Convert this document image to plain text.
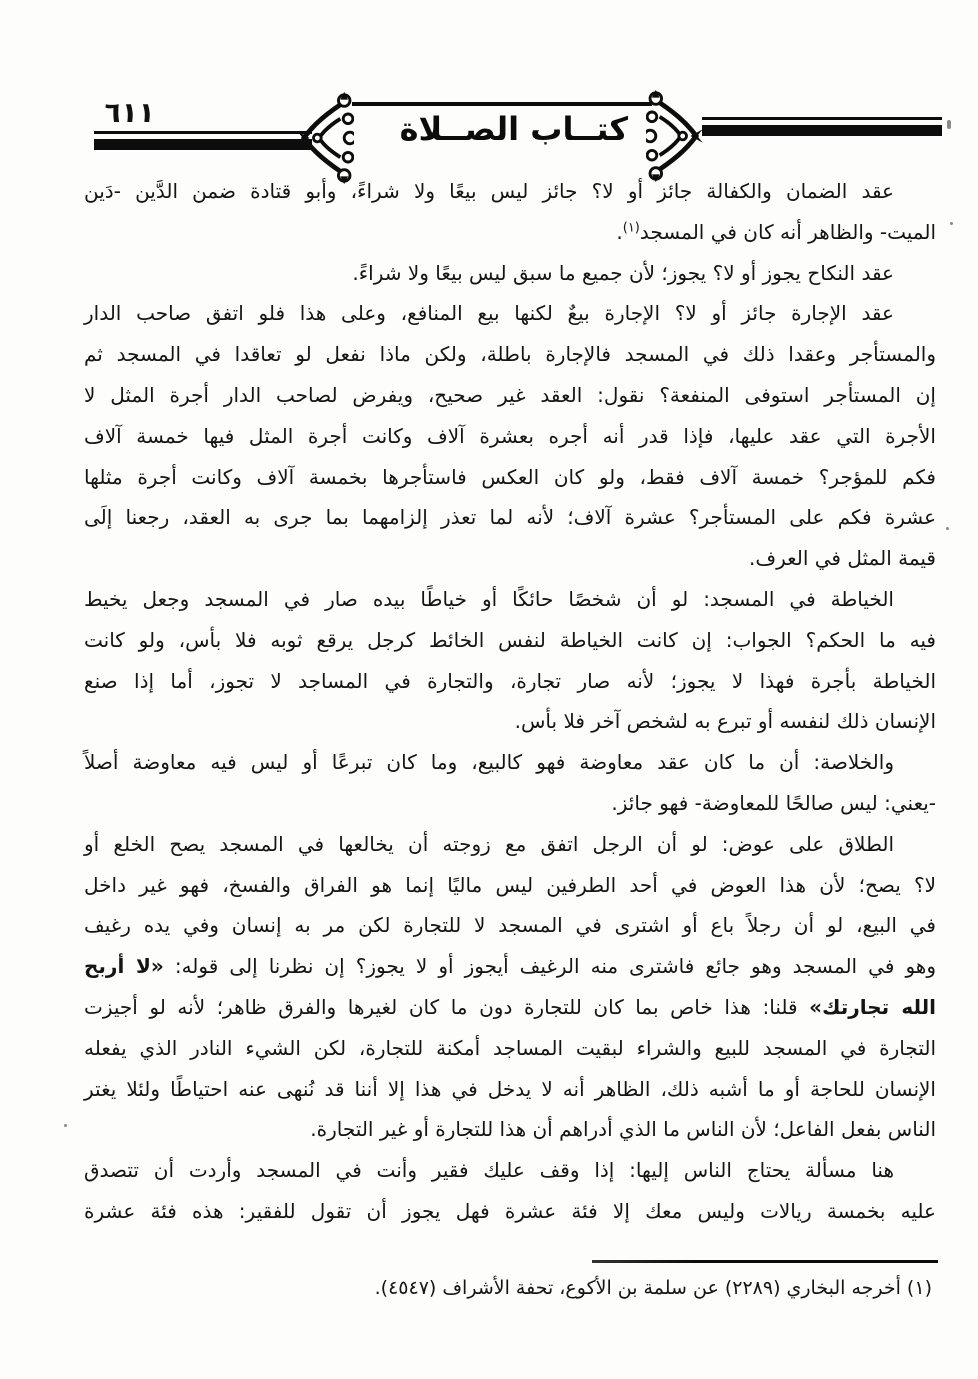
٦١١	كتــاب الصــلاة
عقد الضمان والكفالة جائز أو لا؟ جائز ليس بيعًا ولا شراءً، وأبو قتادة ضمن الدَّين -دَين
الميت- والظاهر أنه كان في المسجد$^{(١)}$.
عقد النكاح يجوز أو لا؟ يجوز؛ لأن جميع ما سبق ليس بيعًا ولا شراءً.
عقد الإجارة جائز أو لا؟ الإجارة بيعٌ لكنها بيع المنافع، وعلى هذا فلو اتفق صاحب الدار
والمستأجر وعقدا ذلك في المسجد فالإجارة باطلة، ولكن ماذا نفعل لو تعاقدا في المسجد ثم
إن المستأجر استوفى المنفعة؟ نقول: العقد غير صحيح، ويفرض لصاحب الدار أجرة المثل لا
الأجرة التي عقد عليها، فإذا قدر أنه أجره بعشرة آلاف وكانت أجرة المثل فيها خمسة آلاف
فكم للمؤجر؟ خمسة آلاف فقط، ولو كان العكس فاستأجرها بخمسة آلاف وكانت أجرة مثلها
عشرة فكم على المستأجر؟ عشرة آلاف؛ لأنه لما تعذر إلزامهما بما جرى به العقد، رجعنا إلَى
قيمة المثل في العرف.
الخياطة في المسجد: لو أن شخصًا حائكًا أو خياطًا بيده صار في المسجد وجعل يخيط
فيه ما الحكم؟ الجواب: إن كانت الخياطة لنفس الخائط كرجل يرقع ثوبه فلا بأس، ولو كانت
الخياطة بأجرة فهذا لا يجوز؛ لأنه صار تجارة، والتجارة في المساجد لا تجوز، أما إذا صنع
الإنسان ذلك لنفسه أو تبرع به لشخص آخر فلا بأس.
والخلاصة: أن ما كان عقد معاوضة فهو كالبيع، وما كان تبرعًا أو ليس فيه معاوضة أصلاً
-يعني: ليس صالحًا للمعاوضة- فهو جائز.
الطلاق على عوض: لو أن الرجل اتفق مع زوجته أن يخالعها في المسجد يصح الخلع أو
لا؟ يصح؛ لأن هذا العوض في أحد الطرفين ليس ماليًا إنما هو الفراق والفسخ، فهو غير داخل
في البيع، لو أن رجلاً باع أو اشترى في المسجد لا للتجارة لكن مر به إنسان وفي يده رغيف
وهو في المسجد وهو جائع فاشترى منه الرغيف أيجوز أو لا يجوز؟ إن نظرنا إلى قوله: «لا أربح
الله تجارتك» قلنا: هذا خاص بما كان للتجارة دون ما كان لغيرها والفرق ظاهر؛ لأنه لو أجيزت
التجارة في المسجد للبيع والشراء لبقيت المساجد أمكنة للتجارة، لكن الشيء النادر الذي يفعله
الإنسان للحاجة أو ما أشبه ذلك، الظاهر أنه لا يدخل في هذا إلا أننا قد نُنهى عنه احتياطًا ولئلا يغتر
الناس بفعل الفاعل؛ لأن الناس ما الذي أدراهم أن هذا للتجارة أو غير التجارة.
هنا مسألة يحتاج الناس إليها: إذا وقف عليك فقير وأنت في المسجد وأردت أن تتصدق
عليه بخمسة ريالات وليس معك إلا فئة عشرة فهل يجوز أن تقول للفقير: هذه فئة عشرة
(١) أخرجه البخاري (٢٢٨٩) عن سلمة بن الأكوع، تحفة الأشراف (٤٥٤٧).
